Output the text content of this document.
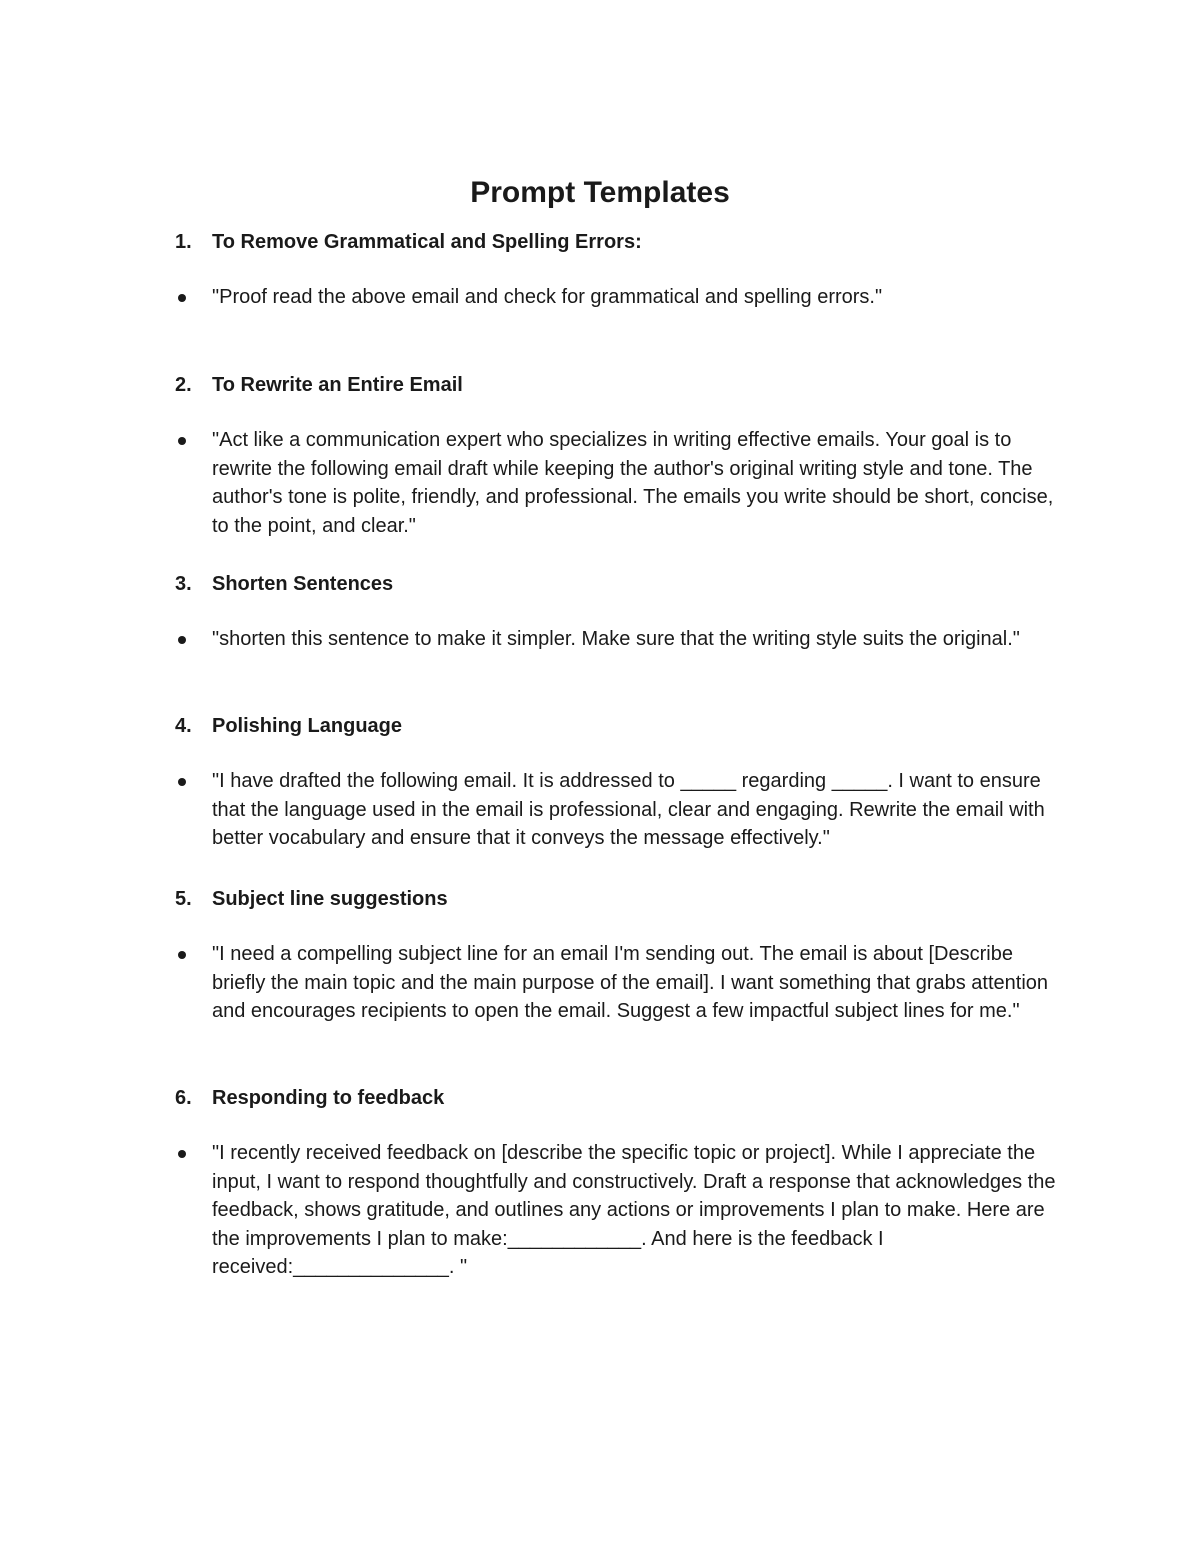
Prompt Templates
1. To Remove Grammatical and Spelling Errors:
"Proof read the above email and check for grammatical and spelling errors."
2. To Rewrite an Entire Email
"Act like a communication expert who specializes in writing effective emails. Your goal is to rewrite the following email draft while keeping the author's original writing style and tone. The author's tone is polite, friendly, and professional. The emails you write should be short, concise, to the point, and clear."
3. Shorten Sentences
"shorten this sentence to make it simpler. Make sure that the writing style suits the original."
4. Polishing Language
"I have drafted the following email. It is addressed to _____ regarding _____. I want to ensure that the language used in the email is professional, clear and engaging. Rewrite the email with better vocabulary and ensure that it conveys the message effectively."
5. Subject line suggestions
"I need a compelling subject line for an email I'm sending out. The email is about [Describe briefly the main topic and the main purpose of the email]. I want something that grabs attention and encourages recipients to open the email. Suggest a few impactful subject lines for me."
6. Responding to feedback
"I recently received feedback on [describe the specific topic or project]. While I appreciate the input, I want to respond thoughtfully and constructively. Draft a response that acknowledges the feedback, shows gratitude, and outlines any actions or improvements I plan to make. Here are the improvements I plan to make:____________. And here is the feedback I received:______________. "
